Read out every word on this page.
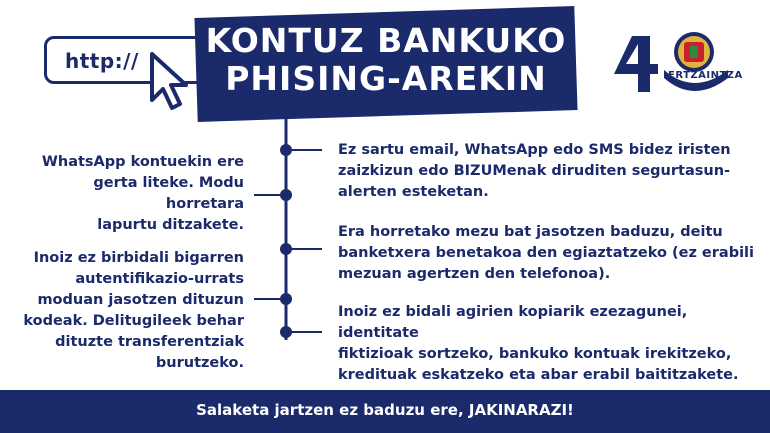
http://
KONTUZ BANKUKO
PHISING-AREKIN	ERTZAINTZA
WhatsApp kontuekin ere
gerta liteke. Modu horretara
lapurtu ditzakete.
Inoiz ez birbidali bigarren
autentifikazio-urrats
moduan jasotzen dituzun
kodeak. Delitugileek behar
dituzte transferentziak
burutzeko.
Ez sartu email, WhatsApp edo SMS bidez iristen
zaizkizun edo BIZUMenak diruditen segurtasun-
alerten esteketan.
Era horretako mezu bat jasotzen baduzu, deitu
banketxera benetakoa den egiaztatzeko (ez erabili
mezuan agertzen den telefonoa).
Inoiz ez bidali agirien kopiarik ezezagunei, identitate
fiktizioak sortzeko, bankuko kontuak irekitzeko,
kredituak eskatzeko eta abar erabil baititzakete.
Salaketa jartzen ez baduzu ere, JAKINARAZI!
